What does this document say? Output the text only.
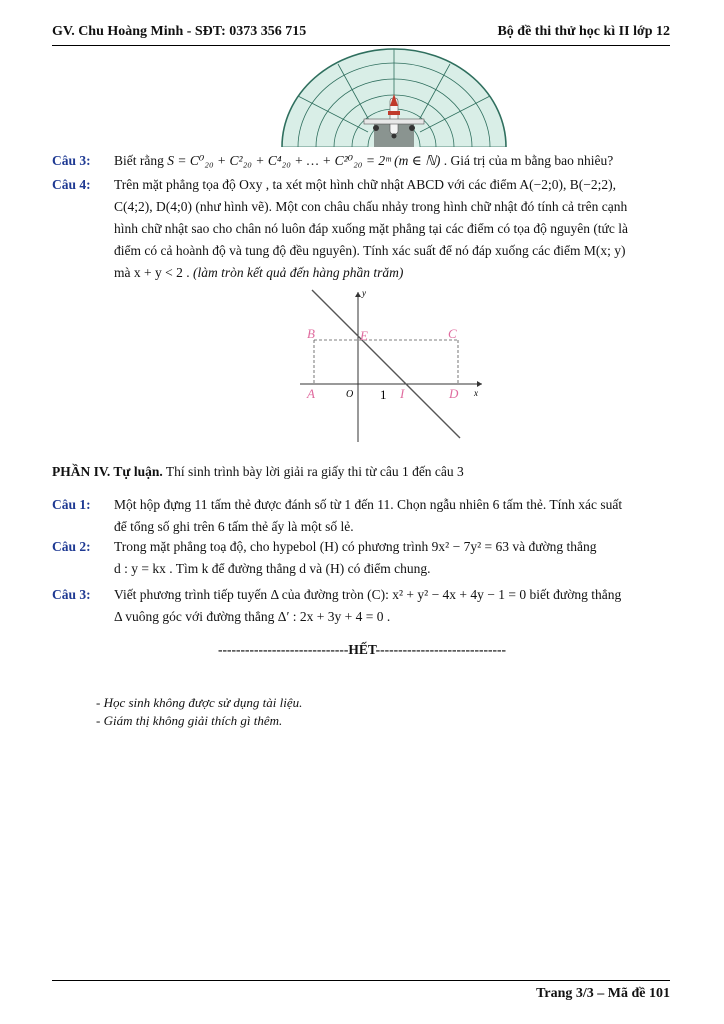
GV. Chu Hoàng Minh - SĐT: 0373 356 715	Bộ đề thi thử học kì II lớp 12
Câu 3: Biết rằng S = C⁰₂₀ + C²₂₀ + C⁴₂₀ + … + C²⁰₂₀ = 2ᵐ (m ∈ ℕ) . Giá trị của m bằng bao nhiêu?
Câu 4: Trên mặt phẳng tọa độ Oxy , ta xét một hình chữ nhật ABCD với các điểm A(−2;0), B(−2;2),
C(4;2), D(4;0) (như hình vẽ). Một con châu chấu nhảy trong hình chữ nhật đó tính cả trên cạnh
hình chữ nhật sao cho chân nó luôn đáp xuống mặt phẳng tại các điểm có tọa độ nguyên (tức là
điểm có cả hoành độ và tung độ đều nguyên). Tính xác suất để nó đáp xuống các điểm M(x; y)
mà x + y < 2 . (làm tròn kết quả đến hàng phần trăm)
y
x
B	E	C
A	O 1 I	D
PHẦN IV. Tự luận. Thí sinh trình bày lời giải ra giấy thi từ câu 1 đến câu 3
Câu 1: Một hộp đựng 11 tấm thẻ được đánh số từ 1 đến 11. Chọn ngẫu nhiên 6 tấm thẻ. Tính xác suất
để tổng số ghi trên 6 tấm thẻ ấy là một số lẻ.
Câu 2: Trong mặt phẳng toạ độ, cho hypebol (H) có phương trình 9x² − 7y² = 63 và đường thẳng
d : y = kx . Tìm k để đường thẳng d và (H) có điểm chung.
Câu 3: Viết phương trình tiếp tuyến Δ của đường tròn (C): x² + y² − 4x + 4y − 1 = 0 biết đường thẳng
Δ vuông góc với đường thẳng Δ′ : 2x + 3y + 4 = 0 .
-----------------------------HẾT-----------------------------
- Học sinh không được sử dụng tài liệu.
- Giám thị không giải thích gì thêm.
Trang 3/3 – Mã đề 101
